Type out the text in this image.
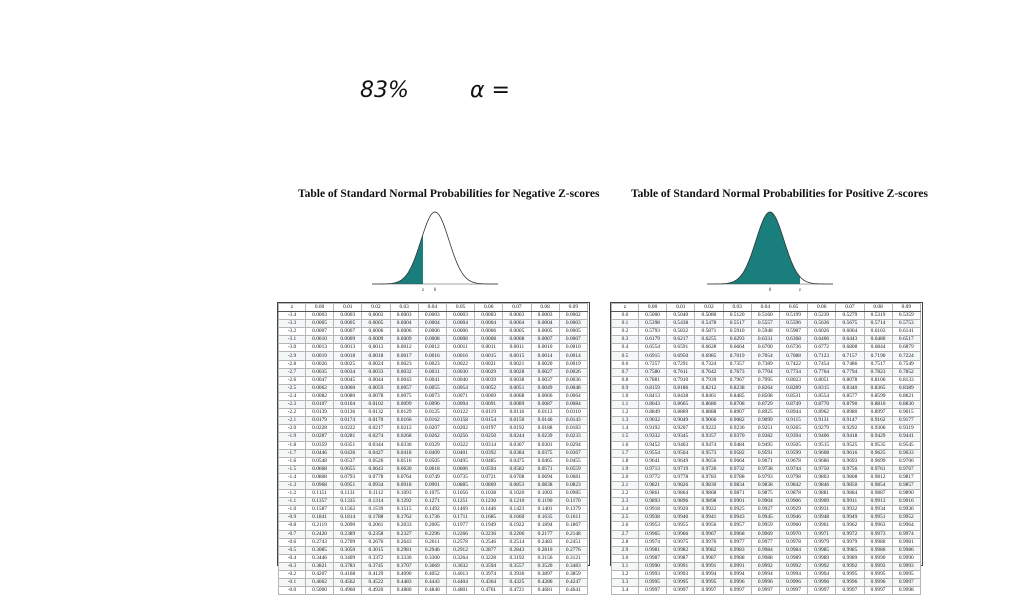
83%	α =
Table of Standard Normal Probabilities for Negative Z-scores
z 0
Table of Standard Normal Probabilities for Positive Z-scores
0	z
z	0.00	0.01	0.02	0.03	0.04	0.05	0.06	0.07	0.08	0.09
-3.4	0.0003	0.0003	0.0003	0.0003	0.0003	0.0003	0.0003	0.0003	0.0003	0.0002
-3.3	0.0005	0.0005	0.0005	0.0004	0.0004	0.0004	0.0004	0.0004	0.0004	0.0003
-3.2	0.0007	0.0007	0.0006	0.0006	0.0006	0.0006	0.0006	0.0005	0.0005	0.0005
-3.1	0.0010	0.0009	0.0009	0.0009	0.0008	0.0008	0.0008	0.0008	0.0007	0.0007
-3.0	0.0013	0.0013	0.0013	0.0012	0.0012	0.0011	0.0011	0.0011	0.0010	0.0010
-2.9	0.0019	0.0018	0.0018	0.0017	0.0016	0.0016	0.0015	0.0015	0.0014	0.0014
-2.8	0.0026	0.0025	0.0024	0.0023	0.0023	0.0022	0.0021	0.0021	0.0020	0.0019
-2.7	0.0035	0.0034	0.0033	0.0032	0.0031	0.0030	0.0029	0.0028	0.0027	0.0026
-2.6	0.0047	0.0045	0.0044	0.0043	0.0041	0.0040	0.0039	0.0038	0.0037	0.0036
-2.5	0.0062	0.0060	0.0059	0.0057	0.0055	0.0054	0.0052	0.0051	0.0049	0.0048
-2.4	0.0082	0.0080	0.0078	0.0075	0.0073	0.0071	0.0069	0.0068	0.0066	0.0064
-2.3	0.0107	0.0104	0.0102	0.0099	0.0096	0.0094	0.0091	0.0089	0.0087	0.0084
-2.2	0.0139	0.0136	0.0132	0.0129	0.0125	0.0122	0.0119	0.0116	0.0113	0.0110
-2.1	0.0179	0.0174	0.0170	0.0166	0.0162	0.0158	0.0154	0.0150	0.0146	0.0143
-2.0	0.0228	0.0222	0.0217	0.0212	0.0207	0.0202	0.0197	0.0192	0.0188	0.0183
-1.9	0.0287	0.0281	0.0274	0.0268	0.0262	0.0256	0.0250	0.0244	0.0239	0.0233
-1.8	0.0359	0.0351	0.0344	0.0336	0.0329	0.0322	0.0314	0.0307	0.0301	0.0294
-1.7	0.0446	0.0436	0.0427	0.0418	0.0409	0.0401	0.0392	0.0384	0.0375	0.0367
-1.6	0.0548	0.0537	0.0526	0.0516	0.0505	0.0495	0.0485	0.0475	0.0465	0.0455
-1.5	0.0668	0.0655	0.0643	0.0630	0.0618	0.0606	0.0594	0.0582	0.0571	0.0559
-1.4	0.0808	0.0793	0.0778	0.0764	0.0749	0.0735	0.0721	0.0708	0.0694	0.0681
-1.3	0.0968	0.0951	0.0934	0.0918	0.0901	0.0885	0.0869	0.0853	0.0838	0.0823
-1.2	0.1151	0.1131	0.1112	0.1093	0.1075	0.1056	0.1038	0.1020	0.1003	0.0985
-1.1	0.1357	0.1335	0.1314	0.1292	0.1271	0.1251	0.1230	0.1210	0.1190	0.1170
-1.0	0.1587	0.1562	0.1539	0.1515	0.1492	0.1469	0.1446	0.1423	0.1401	0.1379
-0.9	0.1841	0.1814	0.1788	0.1762	0.1736	0.1711	0.1685	0.1660	0.1635	0.1611
-0.8	0.2119	0.2090	0.2061	0.2033	0.2005	0.1977	0.1949	0.1922	0.1894	0.1867
-0.7	0.2420	0.2389	0.2358	0.2327	0.2296	0.2266	0.2236	0.2206	0.2177	0.2148
-0.6	0.2743	0.2709	0.2676	0.2643	0.2611	0.2578	0.2546	0.2514	0.2483	0.2451
-0.5	0.3085	0.3050	0.3015	0.2981	0.2946	0.2912	0.2877	0.2843	0.2810	0.2776
-0.4	0.3446	0.3409	0.3372	0.3336	0.3300	0.3264	0.3228	0.3192	0.3156	0.3121
-0.3	0.3821	0.3783	0.3745	0.3707	0.3669	0.3632	0.3594	0.3557	0.3520	0.3483
-0.2	0.4207	0.4168	0.4129	0.4090	0.4052	0.4013	0.3974	0.3936	0.3897	0.3859
-0.1	0.4602	0.4562	0.4522	0.4483	0.4443	0.4404	0.4364	0.4325	0.4286	0.4247
-0.0	0.5000	0.4960	0.4920	0.4880	0.4840	0.4801	0.4761	0.4721	0.4681	0.4641
z	0.00	0.01	0.02	0.03	0.04	0.05	0.06	0.07	0.08	0.09
0.0	0.5000	0.5040	0.5080	0.5120	0.5160	0.5199	0.5239	0.5279	0.5319	0.5359
0.1	0.5398	0.5438	0.5478	0.5517	0.5557	0.5596	0.5636	0.5675	0.5714	0.5753
0.2	0.5793	0.5832	0.5871	0.5910	0.5948	0.5987	0.6026	0.6064	0.6103	0.6141
0.3	0.6179	0.6217	0.6255	0.6293	0.6331	0.6368	0.6406	0.6443	0.6480	0.6517
0.4	0.6554	0.6591	0.6628	0.6664	0.6700	0.6736	0.6772	0.6808	0.6844	0.6879
0.5	0.6915	0.6950	0.6985	0.7019	0.7054	0.7088	0.7123	0.7157	0.7190	0.7224
0.6	0.7257	0.7291	0.7324	0.7357	0.7389	0.7422	0.7454	0.7486	0.7517	0.7549
0.7	0.7580	0.7611	0.7642	0.7673	0.7704	0.7734	0.7764	0.7794	0.7823	0.7852
0.8	0.7881	0.7910	0.7939	0.7967	0.7995	0.8023	0.8051	0.8078	0.8106	0.8133
0.9	0.8159	0.8186	0.8212	0.8238	0.8264	0.8289	0.8315	0.8340	0.8365	0.8389
1.0	0.8413	0.8438	0.8461	0.8485	0.8508	0.8531	0.8554	0.8577	0.8599	0.8621
1.1	0.8643	0.8665	0.8686	0.8708	0.8729	0.8749	0.8770	0.8790	0.8810	0.8830
1.2	0.8849	0.8869	0.8888	0.8907	0.8925	0.8944	0.8962	0.8980	0.8997	0.9015
1.3	0.9032	0.9049	0.9066	0.9082	0.9099	0.9115	0.9131	0.9147	0.9162	0.9177
1.4	0.9192	0.9207	0.9222	0.9236	0.9251	0.9265	0.9279	0.9292	0.9306	0.9319
1.5	0.9332	0.9345	0.9357	0.9370	0.9382	0.9394	0.9406	0.9418	0.9429	0.9441
1.6	0.9452	0.9463	0.9474	0.9484	0.9495	0.9505	0.9515	0.9525	0.9535	0.9545
1.7	0.9554	0.9564	0.9573	0.9582	0.9591	0.9599	0.9608	0.9616	0.9625	0.9633
1.8	0.9641	0.9649	0.9656	0.9664	0.9671	0.9678	0.9686	0.9693	0.9699	0.9706
1.9	0.9713	0.9719	0.9726	0.9732	0.9738	0.9744	0.9750	0.9756	0.9761	0.9767
2.0	0.9772	0.9778	0.9783	0.9788	0.9793	0.9798	0.9803	0.9808	0.9812	0.9817
2.1	0.9821	0.9826	0.9830	0.9834	0.9838	0.9842	0.9846	0.9850	0.9854	0.9857
2.2	0.9861	0.9864	0.9868	0.9871	0.9875	0.9878	0.9881	0.9884	0.9887	0.9890
2.3	0.9893	0.9896	0.9898	0.9901	0.9904	0.9906	0.9909	0.9911	0.9913	0.9916
2.4	0.9918	0.9920	0.9922	0.9925	0.9927	0.9929	0.9931	0.9932	0.9934	0.9936
2.5	0.9938	0.9940	0.9941	0.9943	0.9945	0.9946	0.9948	0.9949	0.9951	0.9952
2.6	0.9953	0.9955	0.9956	0.9957	0.9959	0.9960	0.9961	0.9962	0.9963	0.9964
2.7	0.9965	0.9966	0.9967	0.9968	0.9969	0.9970	0.9971	0.9972	0.9973	0.9974
2.8	0.9974	0.9975	0.9976	0.9977	0.9977	0.9978	0.9979	0.9979	0.9980	0.9981
2.9	0.9981	0.9982	0.9982	0.9983	0.9984	0.9984	0.9985	0.9985	0.9986	0.9986
3.0	0.9987	0.9987	0.9987	0.9988	0.9988	0.9989	0.9989	0.9989	0.9990	0.9990
3.1	0.9990	0.9991	0.9991	0.9991	0.9992	0.9992	0.9992	0.9992	0.9993	0.9993
3.2	0.9993	0.9993	0.9994	0.9994	0.9994	0.9994	0.9994	0.9995	0.9995	0.9995
3.3	0.9995	0.9995	0.9995	0.9996	0.9996	0.9996	0.9996	0.9996	0.9996	0.9997
3.4	0.9997	0.9997	0.9997	0.9997	0.9997	0.9997	0.9997	0.9997	0.9997	0.9998
